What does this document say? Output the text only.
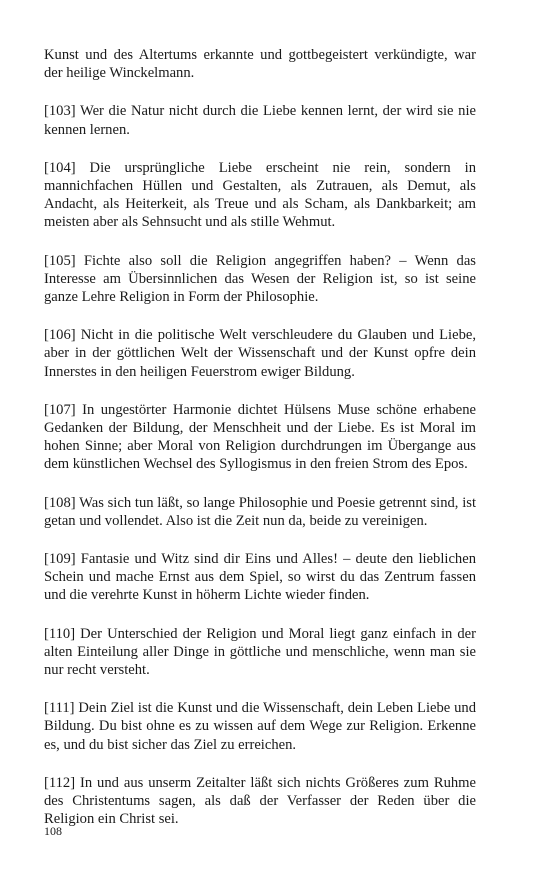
Kunst und des Altertums erkannte und gottbegeistert verkündigte, war der heilige Winckelmann.

[103] Wer die Natur nicht durch die Liebe kennen lernt, der wird sie nie kennen lernen.

[104] Die ursprüngliche Liebe erscheint nie rein, sondern in mannichfachen Hüllen und Gestalten, als Zutrauen, als Demut, als Andacht, als Heiterkeit, als Treue und als Scham, als Dankbarkeit; am meisten aber als Sehnsucht und als stille Wehmut.

[105] Fichte also soll die Religion angegriffen haben? – Wenn das Interesse am Übersinnlichen das Wesen der Religion ist, so ist seine ganze Lehre Religion in Form der Philosophie.

[106] Nicht in die politische Welt verschleudere du Glauben und Liebe, aber in der göttlichen Welt der Wissenschaft und der Kunst opfre dein Innerstes in den heiligen Feuerstrom ewiger Bildung.

[107] In ungestörter Harmonie dichtet Hülsens Muse schöne erhabene Gedanken der Bildung, der Menschheit und der Liebe. Es ist Moral im hohen Sinne; aber Moral von Religion durchdrungen im Übergange aus dem künstlichen Wechsel des Syllogismus in den freien Strom des Epos.

[108] Was sich tun läßt, so lange Philosophie und Poesie getrennt sind, ist getan und vollendet. Also ist die Zeit nun da, beide zu vereinigen.

[109] Fantasie und Witz sind dir Eins und Alles! – deute den lieblichen Schein und mache Ernst aus dem Spiel, so wirst du das Zentrum fassen und die verehrte Kunst in höherm Lichte wieder finden.

[110] Der Unterschied der Religion und Moral liegt ganz einfach in der alten Einteilung aller Dinge in göttliche und menschliche, wenn man sie nur recht versteht.

[111] Dein Ziel ist die Kunst und die Wissenschaft, dein Leben Liebe und Bildung. Du bist ohne es zu wissen auf dem Wege zur Religion. Erkenne es, und du bist sicher das Ziel zu erreichen.

[112] In und aus unserm Zeitalter läßt sich nichts Größeres zum Ruhme des Christentums sagen, als daß der Verfasser der Reden über die Religion ein Christ sei.

108
